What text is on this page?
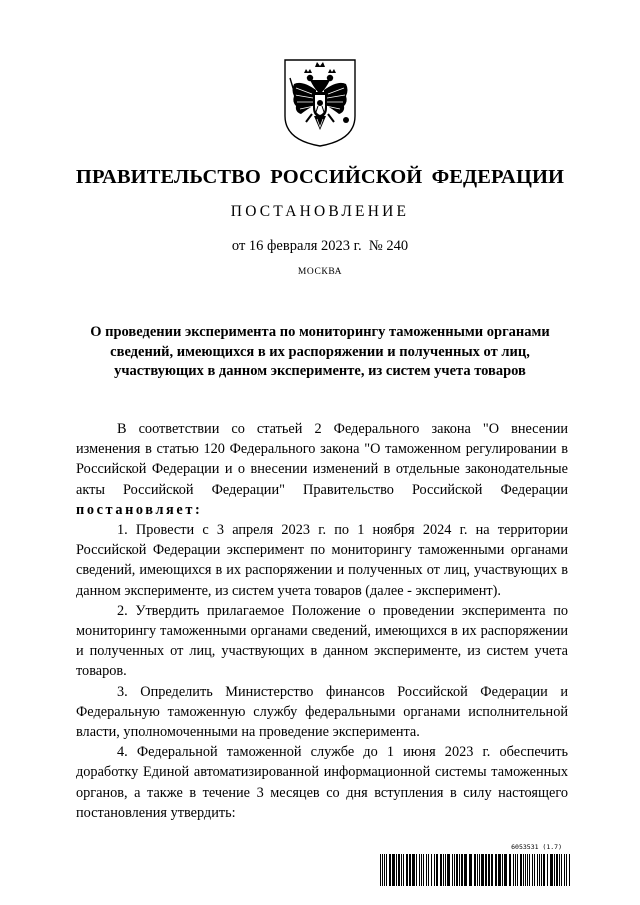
ПРАВИТЕЛЬСТВО РОССИЙСКОЙ ФЕДЕРАЦИИ
ПОСТАНОВЛЕНИЕ
от 16 февраля 2023 г.  № 240
МОСКВА
О проведении эксперимента по мониторингу таможенными органами
сведений, имеющихся в их распоряжении и полученных от лиц,
участвующих в данном эксперименте, из систем учета товаров

В соответствии со статьей 2 Федерального закона "О внесении изменения в статью 120 Федерального закона "О таможенном регулировании в Российской Федерации и о внесении изменений в отдельные законодательные акты Российской Федерации" Правительство Российской Федерации постановляет:

1. Провести с 3 апреля 2023 г. по 1 ноября 2024 г. на территории Российской Федерации эксперимент по мониторингу таможенными органами сведений, имеющихся в их распоряжении и полученных от лиц, участвующих в данном эксперименте, из систем учета товаров (далее - эксперимент).

2. Утвердить прилагаемое Положение о проведении эксперимента по мониторингу таможенными органами сведений, имеющихся в их распоряжении и полученных от лиц, участвующих в данном эксперименте, из систем учета товаров.

3. Определить Министерство финансов Российской Федерации и Федеральную таможенную службу федеральными органами исполнительной власти, уполномоченными на проведение эксперимента.

4. Федеральной таможенной службе до 1 июня 2023 г. обеспечить доработку Единой автоматизированной информационной системы таможенных органов, а также в течение 3 месяцев со дня вступления в силу настоящего постановления утвердить:

6053531 (1.7)
